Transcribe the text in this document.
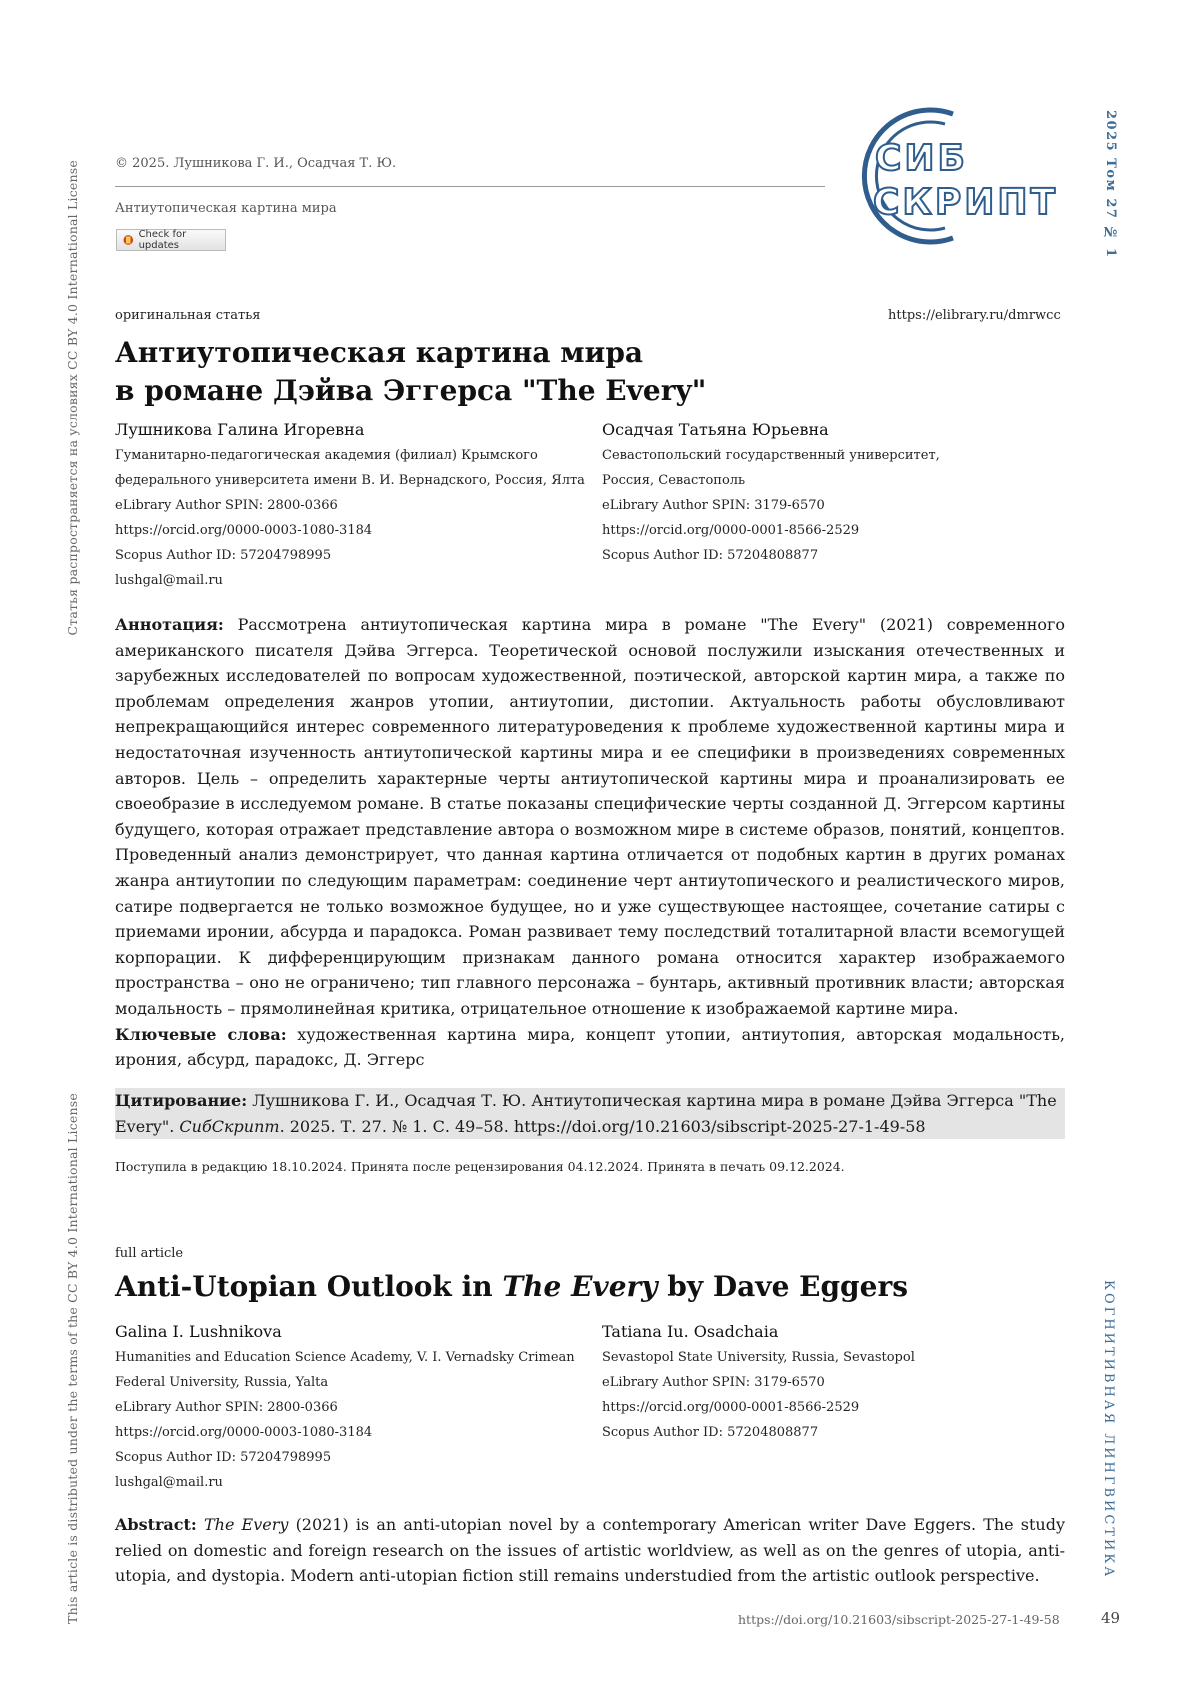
Статья распространяется на условиях CC BY 4.0 International License
This article is distributed under the terms of the CC BY 4.0 International License
2025 Том 27 № 1
КОГНИТИВНАЯ ЛИНГВИСТИКА
© 2025. Лушникова Г. И., Осадчая Т. Ю.
Антиутопическая картина мира
Check for updates
СИБ
СКРИПТ
оригинальная статья	https://elibrary.ru/dmrwcc
Антиутопическая картина мира
в романе Дэйва Эггерса "The Every"
Лушникова Галина Игоревна

Гуманитарно-педагогическая академия (филиал) Крымского

федерального университета имени В. И. Вернадского, Россия, Ялта

eLibrary Author SPIN: 2800-0366

https://orcid.org/0000-0003-1080-3184

Scopus Author ID: 57204798995

lushgal@mail.ru

Осадчая Татьяна Юрьевна

Севастопольский государственный университет,

Россия, Севастополь

eLibrary Author SPIN: 3179-6570

https://orcid.org/0000-0001-8566-2529

Scopus Author ID: 57204808877

Аннотация: Рассмотрена антиутопическая картина мира в романе "The Every" (2021) современного американского писателя Дэйва Эггерса. Теоретической основой послужили изыскания отечественных и зарубежных исследователей по вопросам художественной, поэтической, авторской картин мира, а также по проблемам определения жанров утопии, антиутопии, дистопии. Актуальность работы обусловливают непрекращающийся интерес современного литературоведения к проблеме художественной картины мира и недостаточная изученность антиутопической картины мира и ее специфики в произведениях современных авторов. Цель – определить характерные черты антиутопической картины мира и проанализировать ее своеобразие в исследуемом романе. В статье показаны специфические черты созданной Д. Эггерсом картины будущего, которая отражает представление автора о возможном мире в системе образов, понятий, концептов. Проведенный анализ демонстрирует, что данная картина отличается от подобных картин в других романах жанра антиутопии по следующим параметрам: соединение черт антиутопического и реалистического миров, сатире подвергается не только возможное будущее, но и уже существующее настоящее, сочетание сатиры с приемами иронии, абсурда и парадокса. Роман развивает тему последствий тоталитарной власти всемогущей корпорации. К дифференцирующим признакам данного романа относится характер изображаемого пространства – оно не ограничено; тип главного персонажа – бунтарь, активный противник власти; авторская модальность – прямолинейная критика, отрицательное отношение к изображаемой картине мира.
Ключевые слова: художественная картина мира, концепт утопии, антиутопия, авторская модальность, ирония, абсурд, парадокс, Д. Эггерс
Цитирование: Лушникова Г. И., Осадчая Т. Ю. Антиутопическая картина мира в романе Дэйва Эггерса "The Every". СибСкрипт. 2025. Т. 27. № 1. С. 49–58. https://doi.org/10.21603/sibscript-2025-27-1-49-58
Поступила в редакцию 18.10.2024. Принята после рецензирования 04.12.2024. Принята в печать 09.12.2024.
full article
Anti-Utopian Outlook in The Every by Dave Eggers
Galina I. Lushnikova

Humanities and Education Science Academy, V. I. Vernadsky Crimean

Federal University, Russia, Yalta

eLibrary Author SPIN: 2800-0366

https://orcid.org/0000-0003-1080-3184

Scopus Author ID: 57204798995

lushgal@mail.ru

Tatiana Iu. Osadchaia

Sevastopol State University, Russia, Sevastopol

eLibrary Author SPIN: 3179-6570

https://orcid.org/0000-0001-8566-2529

Scopus Author ID: 57204808877

Abstract: The Every (2021) is an anti-utopian novel by a contemporary American writer Dave Eggers. The study relied on domestic and foreign research on the issues of artistic worldview, as well as on the genres of utopia, anti-utopia, and dystopia. Modern anti-utopian fiction still remains understudied from the artistic outlook perspective.
https://doi.org/10.21603/sibscript-2025-27-1-49-58	49
